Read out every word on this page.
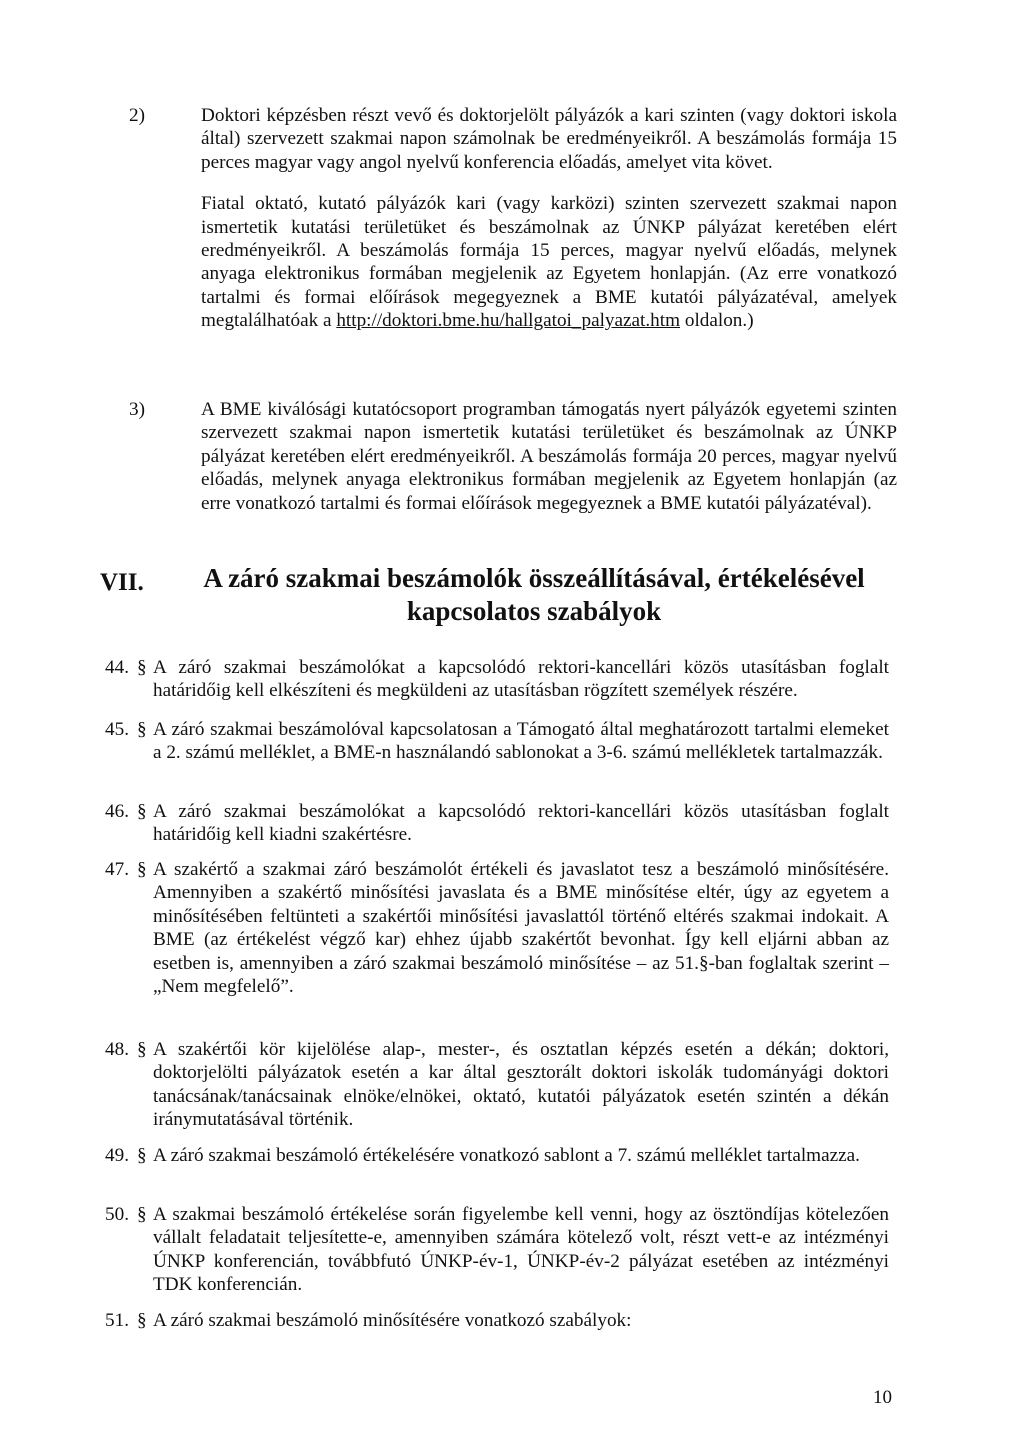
2)	Doktori képzésben részt vevő és doktorjelölt pályázók a kari szinten (vagy doktori iskola által) szervezett szakmai napon számolnak be eredményeikről. A beszámolás formája 15 perces magyar vagy angol nyelvű konferencia előadás, amelyet vita követ.

Fiatal oktató, kutató pályázók kari (vagy karközi) szinten szervezett szakmai napon ismertetik kutatási területüket és beszámolnak az ÚNKP pályázat keretében elért eredményeikről. A beszámolás formája 15 perces, magyar nyelvű előadás, melynek anyaga elektronikus formában megjelenik az Egyetem honlapján. (Az erre vonatkozó tartalmi és formai előírások megegyeznek a BME kutatói pályázatéval, amelyek megtalálhatóak a http://doktori.bme.hu/hallgatoi_palyazat.htm oldalon.)

3)	A BME kiválósági kutatócsoport programban támogatás nyert pályázók egyetemi szinten szervezett szakmai napon ismertetik kutatási területüket és beszámolnak az ÚNKP pályázat keretében elért eredményeikről. A beszámolás formája 20 perces, magyar nyelvű előadás, melynek anyaga elektronikus formában megjelenik az Egyetem honlapján (az erre vonatkozó tartalmi és formai előírások megegyeznek a BME kutatói pályázatéval).

VII.	A záró szakmai beszámolók összeállításával, értékelésével
kapcsolatos szabályok
44. § A záró szakmai beszámolókat a kapcsolódó rektori-kancellári közös utasításban foglalt határidőig kell elkészíteni és megküldeni az utasításban rögzített személyek részére.

45. § A záró szakmai beszámolóval kapcsolatosan a Támogató által meghatározott tartalmi elemeket a 2. számú melléklet, a BME-n használandó sablonokat a 3-6. számú mellékletek tartalmazzák.

46. § A záró szakmai beszámolókat a kapcsolódó rektori-kancellári közös utasításban foglalt határidőig kell kiadni szakértésre.

47. § A szakértő a szakmai záró beszámolót értékeli és javaslatot tesz a beszámoló minősítésére. Amennyiben a szakértő minősítési javaslata és a BME minősítése eltér, úgy az egyetem a minősítésében feltünteti a szakértői minősítési javaslattól történő eltérés szakmai indokait. A BME (az értékelést végző kar) ehhez újabb szakértőt bevonhat. Így kell eljárni abban az esetben is, amennyiben a záró szakmai beszámoló minősítése – az 51.§-ban foglaltak szerint – „Nem megfelelő”.

48. § A szakértői kör kijelölése alap-, mester-, és osztatlan képzés esetén a dékán; doktori, doktorjelölti pályázatok esetén a kar által gesztorált doktori iskolák tudományági doktori tanácsának/tanácsainak elnöke/elnökei, oktató, kutatói pályázatok esetén szintén a dékán iránymutatásával történik.

49. § A záró szakmai beszámoló értékelésére vonatkozó sablont a 7. számú melléklet tartalmazza.

50. § A szakmai beszámoló értékelése során figyelembe kell venni, hogy az ösztöndíjas kötelezően vállalt feladatait teljesítette-e, amennyiben számára kötelező volt, részt vett-e az intézményi ÚNKP konferencián, továbbfutó ÚNKP-év-1, ÚNKP-év-2 pályázat esetében az intézményi TDK konferencián.

51. § A záró szakmai beszámoló minősítésére vonatkozó szabályok:

10
